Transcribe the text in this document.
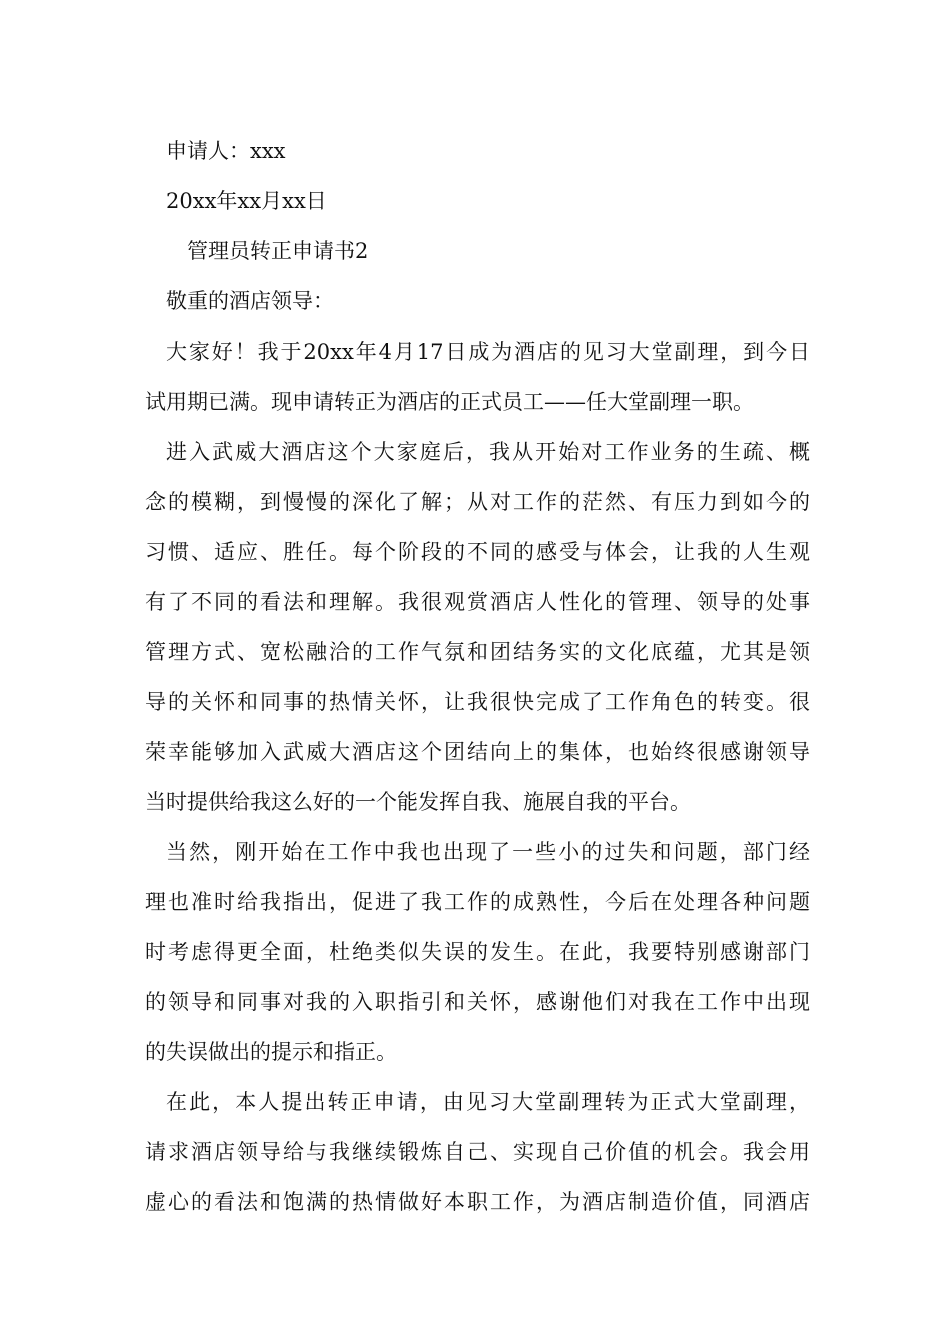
申请人：xxx
20xx年xx月xx日
管理员转正申请书2
敬重的酒店领导：
大家好！我于20xx年4月17日成为酒店的见习大堂副理，到今日
试用期已满。现申请转正为酒店的正式员工——任大堂副理一职。
进入武威大酒店这个大家庭后，我从开始对工作业务的生疏、概
念的模糊，到慢慢的深化了解；从对工作的茫然、有压力到如今的
习惯、适应、胜任。每个阶段的不同的感受与体会，让我的人生观
有了不同的看法和理解。我很观赏酒店人性化的管理、领导的处事
管理方式、宽松融洽的工作气氛和团结务实的文化底蕴，尤其是领
导的关怀和同事的热情关怀，让我很快完成了工作角色的转变。很
荣幸能够加入武威大酒店这个团结向上的集体，也始终很感谢领导
当时提供给我这么好的一个能发挥自我、施展自我的平台。
当然，刚开始在工作中我也出现了一些小的过失和问题，部门经
理也准时给我指出，促进了我工作的成熟性，今后在处理各种问题
时考虑得更全面，杜绝类似失误的发生。在此，我要特别感谢部门
的领导和同事对我的入职指引和关怀，感谢他们对我在工作中出现
的失误做出的提示和指正。
在此，本人提出转正申请，由见习大堂副理转为正式大堂副理，
请求酒店领导给与我继续锻炼自己、实现自己价值的机会。我会用
虚心的看法和饱满的热情做好本职工作，为酒店制造价值，同酒店
